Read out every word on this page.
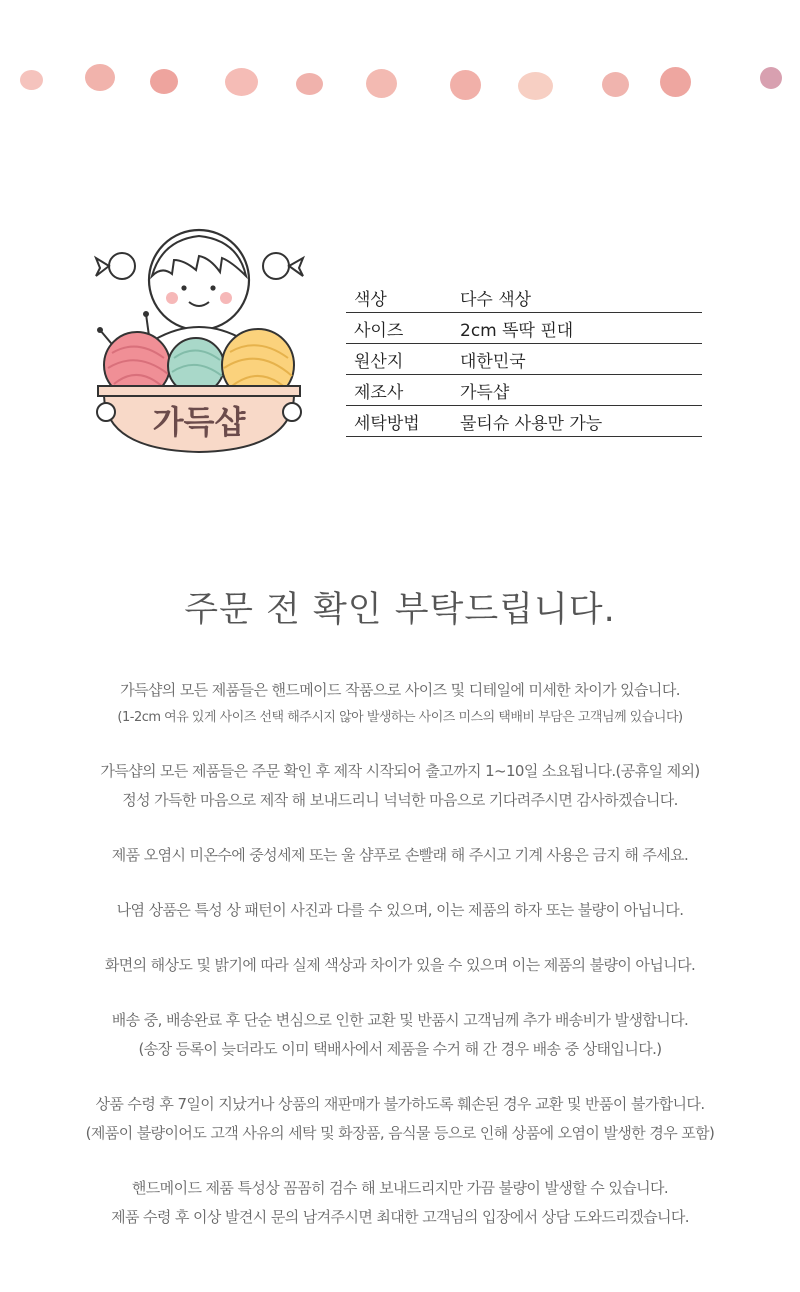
가득샵
색상	다수 색상
사이즈	2cm 똑딱 핀대
원산지	대한민국
제조사	가득샵
세탁방법	물티슈 사용만 가능
주문 전 확인 부탁드립니다.
가득샵의 모든 제품들은 핸드메이드 작품으로 사이즈 및 디테일에 미세한 차이가 있습니다.
(1-2cm 여유 있게 사이즈 선택 해주시지 않아 발생하는 사이즈 미스의 택배비 부담은 고객님께 있습니다)
가득샵의 모든 제품들은 주문 확인 후 제작 시작되어 출고까지 1~10일 소요됩니다.(공휴일 제외)
정성 가득한 마음으로 제작 해 보내드리니 넉넉한 마음으로 기다려주시면 감사하겠습니다.
제품 오염시 미온수에 중성세제 또는 울 샴푸로 손빨래 해 주시고 기계 사용은 금지 해 주세요.
나염 상품은 특성 상 패턴이 사진과 다를 수 있으며, 이는 제품의 하자 또는 불량이 아닙니다.
화면의 해상도 및 밝기에 따라 실제 색상과 차이가 있을 수 있으며 이는 제품의 불량이 아닙니다.
배송 중, 배송완료 후 단순 변심으로 인한 교환 및 반품시 고객님께 추가 배송비가 발생합니다.
(송장 등록이 늦더라도 이미 택배사에서 제품을 수거 해 간 경우 배송 중 상태입니다.)
상품 수령 후 7일이 지났거나 상품의 재판매가 불가하도록 훼손된 경우 교환 및 반품이 불가합니다.
(제품이 불량이어도 고객 사유의 세탁 및 화장품, 음식물 등으로 인해 상품에 오염이 발생한 경우 포함)
핸드메이드 제품 특성상 꼼꼼히 검수 해 보내드리지만 가끔 불량이 발생할 수 있습니다.
제품 수령 후 이상 발견시 문의 남겨주시면 최대한 고객님의 입장에서 상담 도와드리겠습니다.
